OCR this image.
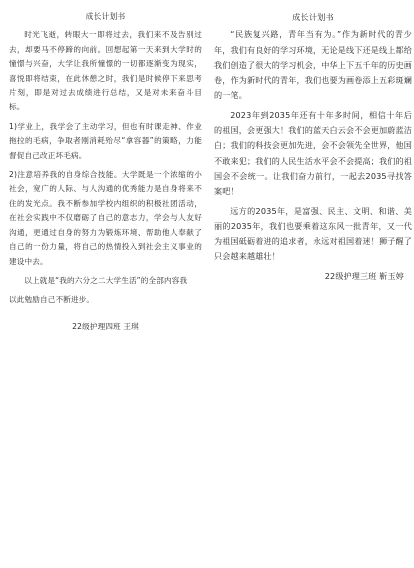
成长计划书

时光飞逝，转眼大一即将过去，我们来不及告别过去，却要马不停蹄的向前。回想起第一天来到大学时的憧憬与兴奋，大学让我所憧憬的一切都逐渐变为现实，喜悦即将结束，在此休憩之时，我们是时候停下来思考片刻，即是对过去成绩进行总结，又是对未来奋斗目标。

1)学业上，我学会了主动学习，但也有时课走神、作业拖拉的毛病，争取者刚消耗殆尽“拿容器”的策略，力能督促自己改正坏毛病。

2)注意培养我的自身综合技能。大学既是一个浓缩的小社会，宽广的人际、与人沟通的优秀能力是自身将来不住的发光点。我不断参加学校内组织的积极社团活动，在社会实践中不仅磨砺了自己的意志力，学会与人友好沟通，更通过自身的努力为锻炼环境、帮助他人奉献了自己的一份力量，将自己的热情投入到社会主义事业的建设中去。

以上就是“我的六分之二大学生活”的全部内容我

以此勉励自己不断进步。

22级护理四班 王琪
成长计划书

“民族复兴路，青年当有为。”作为新时代的青少年，我们有良好的学习环境，无论是线下还是线上都给我们创造了很大的学习机会，中华上下五千年的历史画卷，作为新时代的青年，我们也要为画卷添上五彩斑斓的一笔。

2023年到2035年还有十年多时间，相信十年后的祖国，会更强大！我们的蓝天白云会不会更加蔚蓝洁白；我们的科技会更加先进，会不会领先全世界，他国不敢来犯；我们的人民生活水平会不会提高；我们的祖国会不会统一。让我们奋力前行，一起去2035寻找答案吧！

远方的2035年，是富强、民主、文明、和谐、美丽的2035年，我们也要乘着这东风一批青年，又一代为祖国砥砺着进的追求者，永远对祖国着迷！狮子醒了只会越来越雄壮！

22级护理三班 靳玉婷
